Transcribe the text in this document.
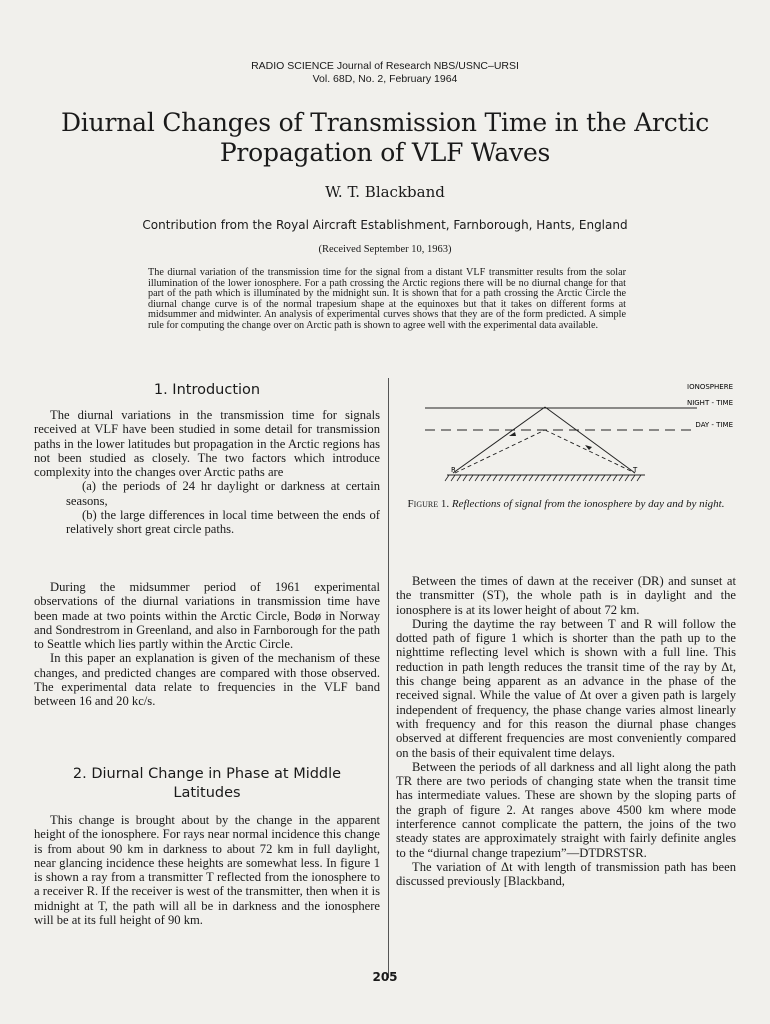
RADIO SCIENCE Journal of Research NBS/USNC–URSI
Vol. 68D, No. 2, February 1964
Diurnal Changes of Transmission Time in the Arctic
Propagation of VLF Waves
W. T. Blackband
Contribution from the Royal Aircraft Establishment, Farnborough, Hants, England
(Received September 10, 1963)
The diurnal variation of the transmission time for the signal from a distant VLF transmitter results from the solar illumination of the lower ionosphere. For a path crossing the Arctic regions there will be no diurnal change for that part of the path which is illuminated by the midnight sun. It is shown that for a path crossing the Arctic Circle the diurnal change curve is of the normal trapesium shape at the equinoxes but that it takes on different forms at midsummer and midwinter. An analysis of experimental curves shows that they are of the form predicted. A simple rule for computing the change over on Arctic path is shown to agree well with the experimental data available.
1. Introduction

The diurnal variations in the transmission time for signals received at VLF have been studied in some detail for transmission paths in the lower latitudes but propagation in the Arctic regions has not been studied as closely. The two factors which introduce complexity into the changes over Arctic paths are

(a) the periods of 24 hr daylight or darkness at certain seasons,

(b) the large differences in local time between the ends of relatively short great circle paths.

During the midsummer period of 1961 experimental observations of the diurnal variations in transmission time have been made at two points within the Arctic Circle, Bodø in Norway and Sondrestrom in Greenland, and also in Farnborough for the path to Seattle which lies partly within the Arctic Circle.

In this paper an explanation is given of the mechanism of these changes, and predicted changes are compared with those observed. The experimental data relate to frequencies in the VLF band between 16 and 20 kc/s.

2. Diurnal Change in Phase at Middle
Latitudes

This change is brought about by the change in the apparent height of the ionosphere. For rays near normal incidence this change is from about 90 km in darkness to about 72 km in full daylight, near glancing incidence these heights are somewhat less. In figure 1 is shown a ray from a transmitter T reflected from the ionosphere to a receiver R. If the receiver is west of the transmitter, then when it is midnight at T, the path will all be in darkness and the ionosphere will be at its full height of 90 km.

IONOSPHERE
NIGHT - TIME
DAY - TIME
R	T
Figure 1. Reflections of signal from the ionosphere by day and by night.

Between the times of dawn at the receiver (DR) and sunset at the transmitter (ST), the whole path is in daylight and the ionosphere is at its lower height of about 72 km.

During the daytime the ray between T and R will follow the dotted path of figure 1 which is shorter than the path up to the nighttime reflecting level which is shown with a full line. This reduction in path length reduces the transit time of the ray by Δt, this change being apparent as an advance in the phase of the received signal. While the value of Δt over a given path is largely independent of frequency, the phase change varies almost linearly with frequency and for this reason the diurnal phase changes observed at different frequencies are most conveniently compared on the basis of their equivalent time delays.

Between the periods of all darkness and all light along the path TR there are two periods of changing state when the transit time has intermediate values. These are shown by the sloping parts of the graph of figure 2. At ranges above 4500 km where mode interference cannot complicate the pattern, the joins of the two steady states are approximately straight with fairly definite angles to the “diurnal change trapezium”—DTDRSTSR.

The variation of Δt with length of transmission path has been discussed previously [Blackband,

205
